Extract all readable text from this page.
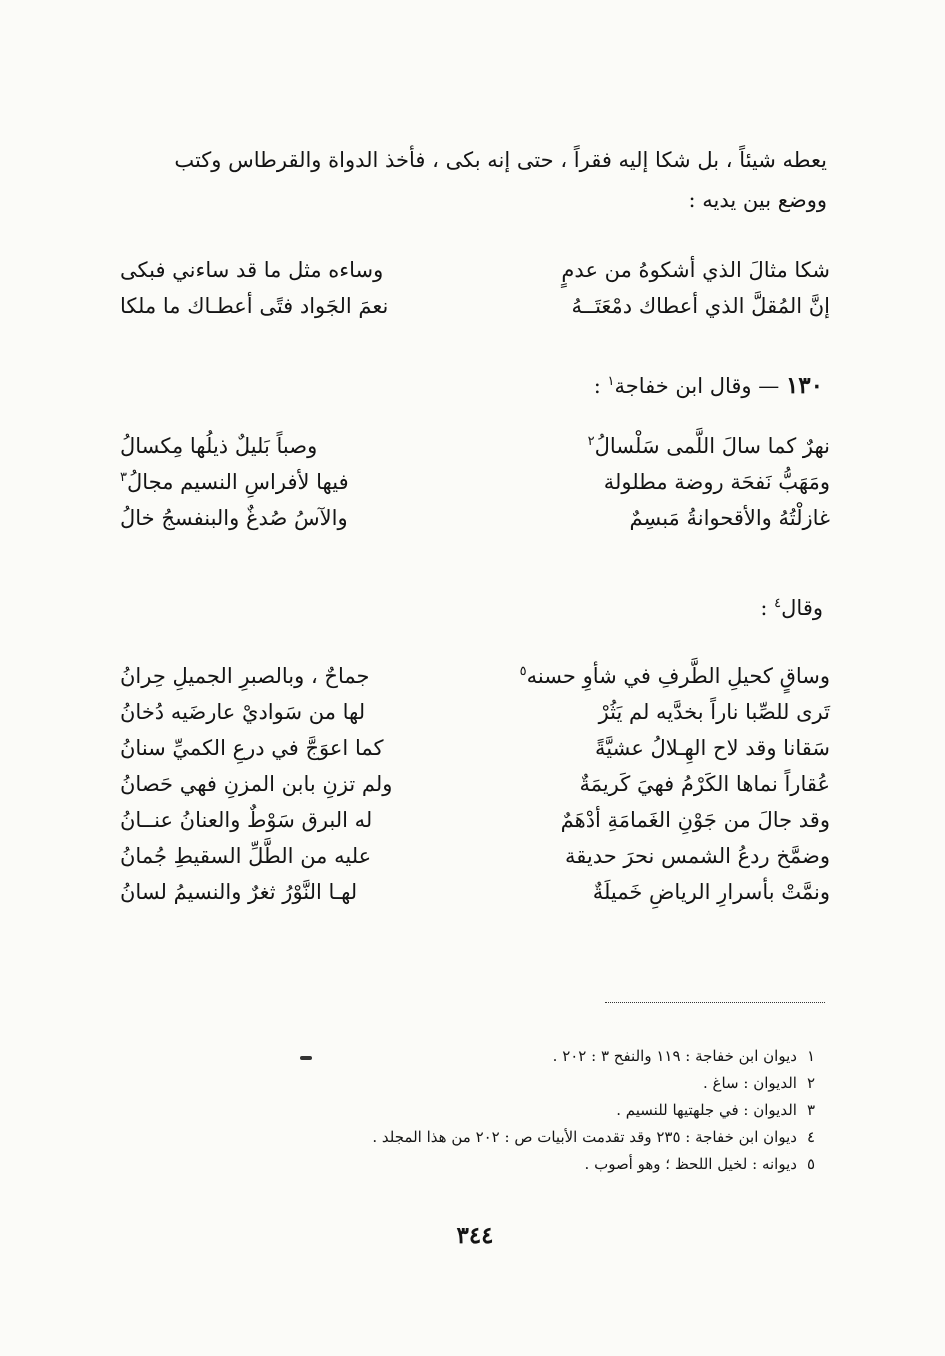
يعطه شيئاً ، بل شكا إليه فقراً ، حتى إنه بكى ، فأخذ الدواة والقرطاس وكتب
ووضع بين يديه :
شكا مثالَ الذي أشكوهُ من عدمٍ
وساءه مثل ما قد ساءني فبكى
إنَّ المُقلَّ الذي أعطاك دمْعَتَــهُ
نعمَ الجَواد فتًى أعطـاك ما ملكا
١٣٠ — وقال ابن خفاجة$^١$ :
نهرٌ كما سالَ اللَّمى سَلْسالُ$^٢$
وصباً بَليلٌ ذيلُها مِكسالُ
ومَهَبُّ نَفحَة روضة مطلولة
فيها لأفراسِ النسيم مجالُ$^٣$
غازلْتُهُ والأقحوانةُ مَبسِمٌ
والآسُ صُدغٌ والبنفسجُ خالُ
وقال$^٤$ :
وساقٍ كحيلِ الطَّرفِ في شأوِ حسنه$^٥$
جماحٌ ، وبالصبرِ الجميلِ حِرانُ
تَرى للصِّبا ناراً بخدَّيه لم يَثُرْ
لها من سَواديْ عارضَيه دُخانُ
سَقانا وقد لاح الهِـلالُ عشيَّةً
كما اعوَجَّ في درعِ الكميِّ سنانُ
عُقاراً نماها الكَرْمُ فهيَ كَريمَةٌ
ولم تزنِ بابن المزنِ فهي حَصانُ
وقد جالَ من جَوْنِ الغَمامَةِ أدْهَمٌ
له البرق سَوْطٌ والعنانُ عنــانُ
وضمَّخ ردعُ الشمس نحرَ حديقة
عليه من الطَّلِّ السقيطِ جُمانُ
ونمَّتْ بأسرارِ الرياضِ خَميلَةٌ
لهـا النَّوْرُ ثغرٌ والنسيمُ لسانُ
١ديوان ابن خفاجة : ١١٩ والنفح ٣ : ٢٠٢ .
٢الديوان : ساغ .
٣الديوان : في جلهتيها للنسيم .
٤ديوان ابن خفاجة : ٢٣٥ وقد تقدمت الأبيات ص : ٢٠٢ من هذا المجلد .
٥ديوانه : لخيل اللحظ ؛ وهو أصوب .
٣٤٤
